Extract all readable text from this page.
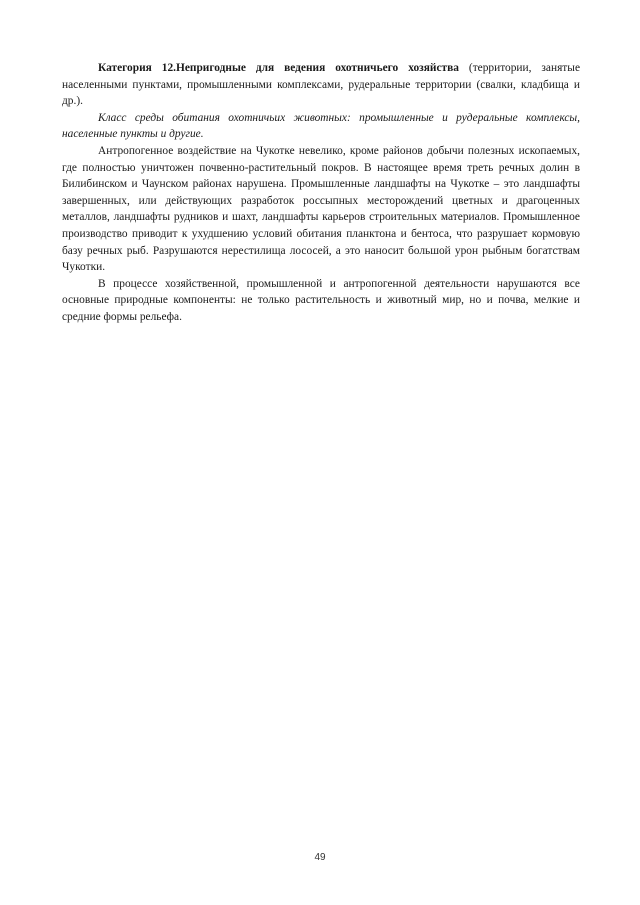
Категория 12.Непригодные для ведения охотничьего хозяйства (территории, занятые населенными пунктами, промышленными комплексами, рудеральные территории (свалки, кладбища и др.).

Класс среды обитания охотничьих животных: промышленные и рудеральные комплексы, населенные пункты и другие.

Антропогенное воздействие на Чукотке невелико, кроме районов добычи полезных ископаемых, где полностью уничтожен почвенно-растительный покров. В настоящее время треть речных долин в Билибинском и Чаунском районах нарушена. Промышленные ландшафты на Чукотке – это ландшафты завершенных, или действующих разработок россыпных месторождений цветных и драгоценных металлов, ландшафты рудников и шахт, ландшафты карьеров строительных материалов. Промышленное производство приводит к ухудшению условий обитания планктона и бентоса, что разрушает кормовую базу речных рыб. Разрушаются нерестилища лососей, а это наносит большой урон рыбным богатствам Чукотки.

В процессе хозяйственной, промышленной и антропогенной деятельности нарушаются все основные природные компоненты: не только растительность и животный мир, но и почва, мелкие и средние формы рельефа.

49
